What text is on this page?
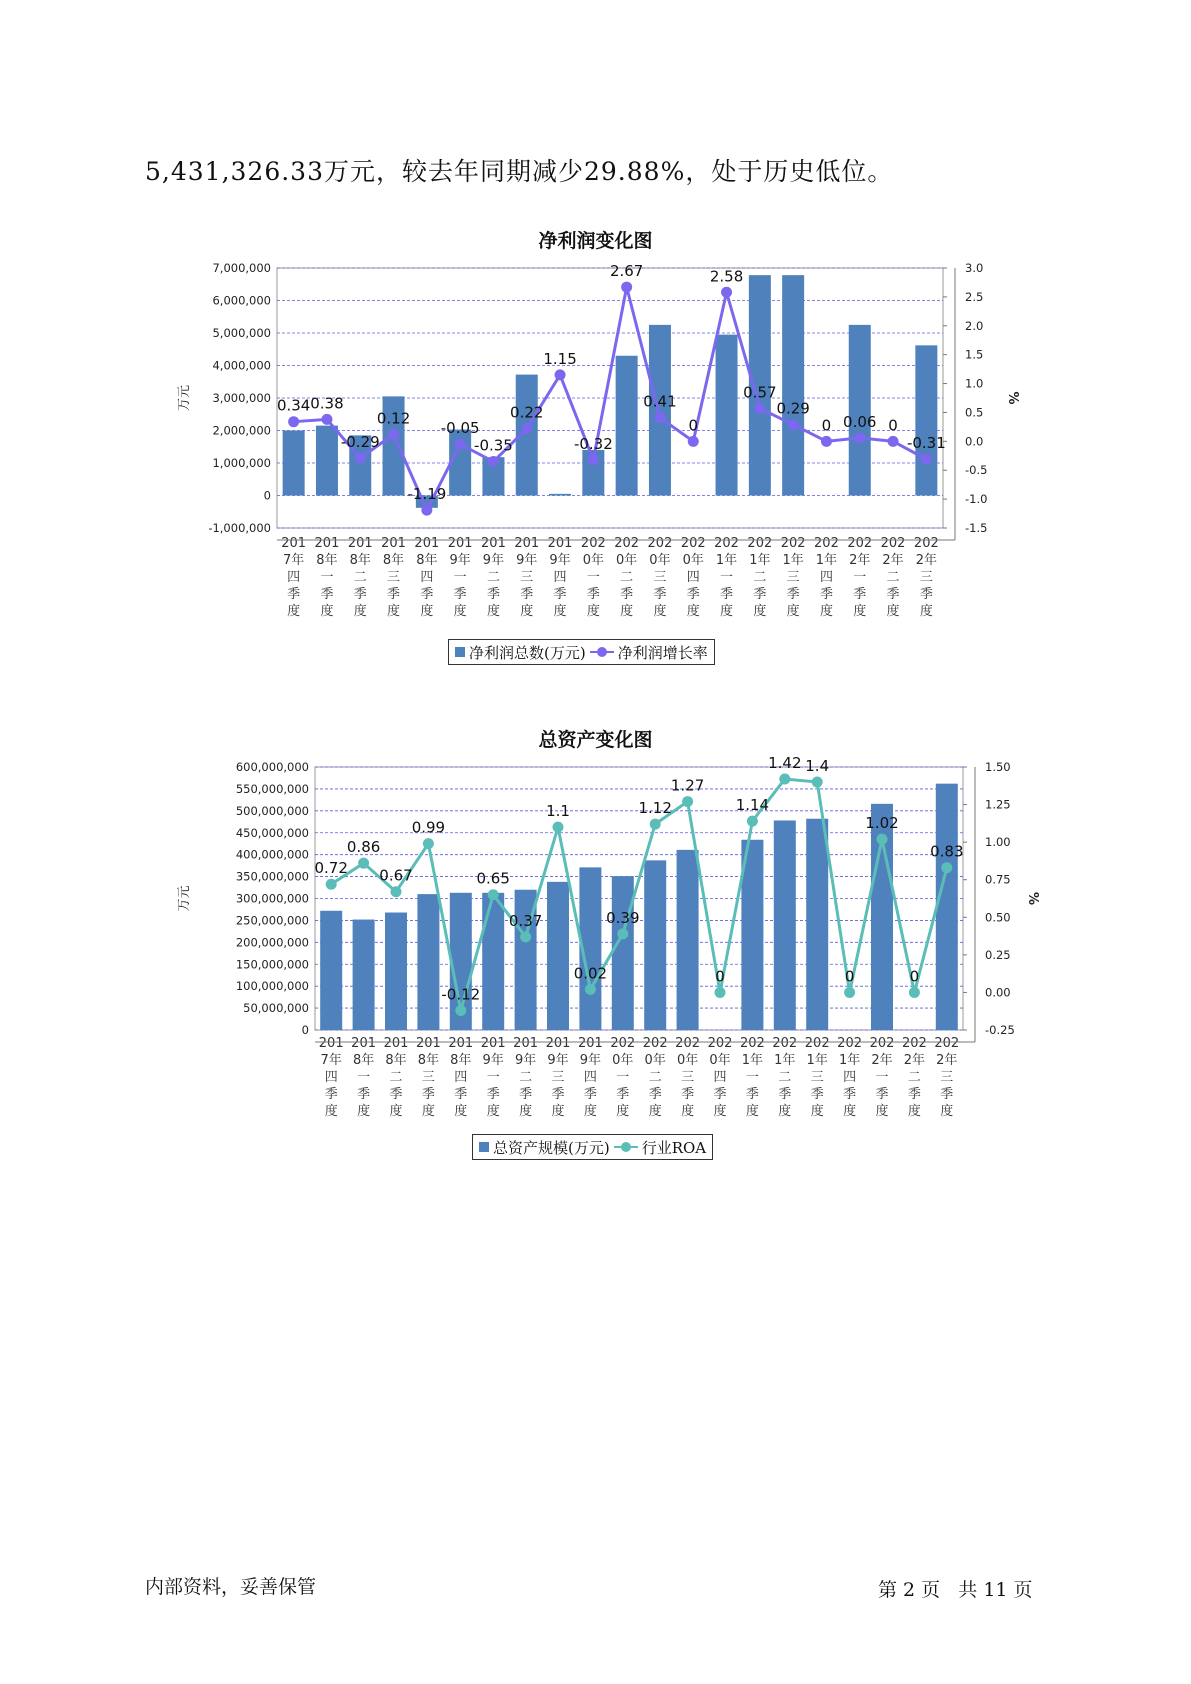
5,431,326.33万元，较去年同期减少29.88%，处于历史低位。
净利润变化图
-1,000,000
0
1,000,000
2,000,000
3,000,000
4,000,000
5,000,000
6,000,000
7,000,000
-1.5
-1.0
-0.5
0.0
0.5
1.0
1.5
2.0
2.5
3.0
万元	%
201
7年
四
季
度
201
8年
一
季
度
201
8年
二
季
度
201
8年
三
季
度
201
8年
四
季
度
201
9年
一
季
度
201
9年
二
季
度
201
9年
三
季
度
201
9年
四
季
度
202
0年
一
季
度
202
0年
二
季
度
202
0年
三
季
度
202
0年
四
季
度
202
1年
一
季
度
202
1年
二
季
度
202
1年
三
季
度
202
1年
四
季
度
202
2年
一
季
度
202
2年
二
季
度
202
2年
三
季
度
0.34 0.38
-0.29
0.12
-1.19
-0.05
-0.35
0.22
1.15
-0.32
2.67
0.41
0
2.58
0.57
0.29
0 0.06 0
-0.31
净利润总数(万元) 净利润增长率
总资产变化图
0
50,000,000
100,000,000
150,000,000
200,000,000
250,000,000
300,000,000
350,000,000
400,000,000
450,000,000
500,000,000
550,000,000
600,000,000
-0.25
0.00
0.25
0.50
0.75
1.00
1.25
1.50
万元	%
201
7年
四
季
度
201
8年
一
季
度
201
8年
二
季
度
201
8年
三
季
度
201
8年
四
季
度
201
9年
一
季
度
201
9年
二
季
度
201
9年
三
季
度
201
9年
四
季
度
202
0年
一
季
度
202
0年
二
季
度
202
0年
三
季
度
202
0年
四
季
度
202
1年
一
季
度
202
1年
二
季
度
202
1年
三
季
度
202
1年
四
季
度
202
2年
一
季
度
202
2年
二
季
度
202
2年
三
季
度
0.72
0.86
0.67
0.99
-0.12
0.65
0.37
1.1
0.02
0.39
1.12
1.27
0
1.14
1.42 1.4
0
1.02
0
0.83
总资产规模(万元) 行业ROA
内部资料，妥善保管	第 2 页   共 11 页
